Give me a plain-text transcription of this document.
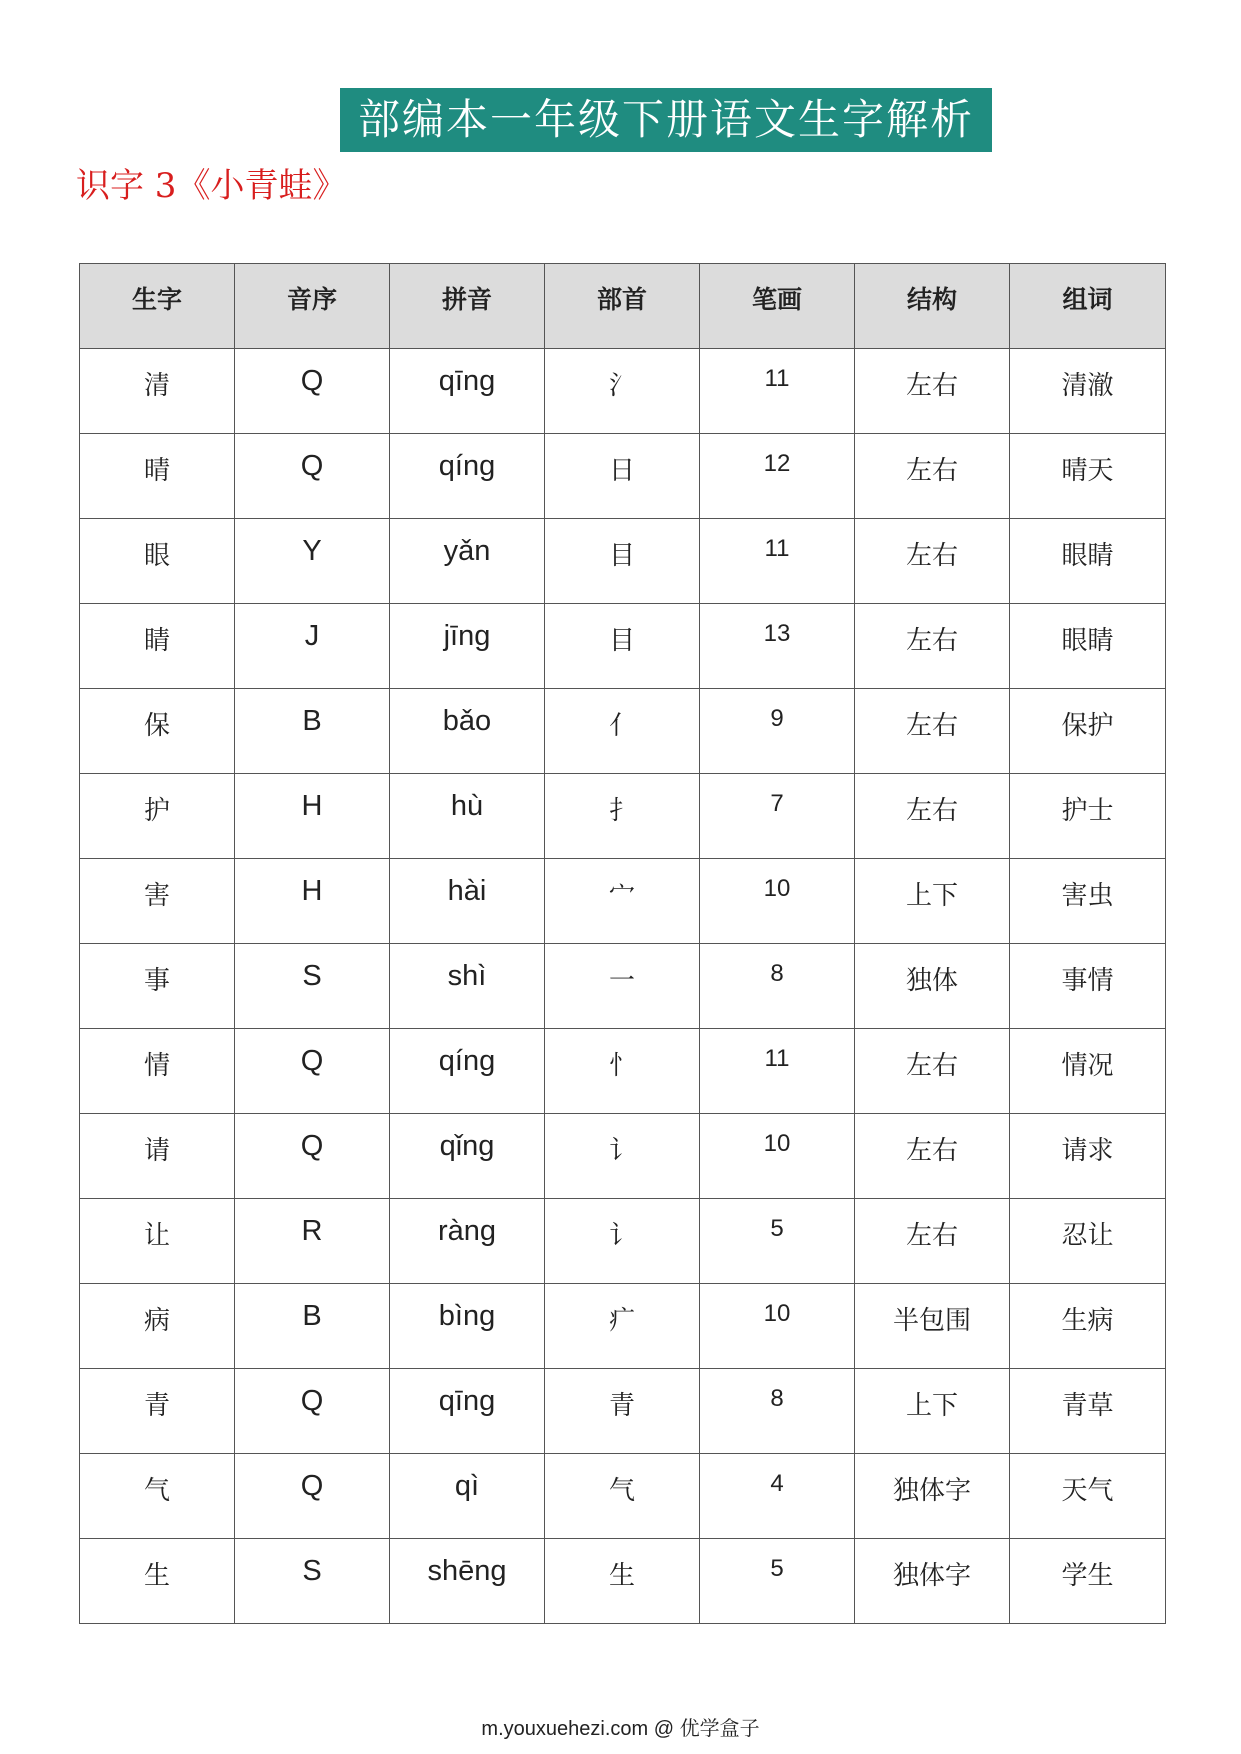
部编本一年级下册语文生字解析
识字 3《小青蛙》
生字	音序	拼音	部首	笔画	结构	组词
清	Q	qīng	氵	11	左右	清澈
晴	Q	qíng	日	12	左右	晴天
眼	Y	yǎn	目	11	左右	眼睛
睛	J	jīng	目	13	左右	眼睛
保	B	bǎo	亻	9	左右	保护
护	H	hù	扌	7	左右	护士
害	H	hài	宀	10	上下	害虫
事	S	shì	一	8	独体	事情
情	Q	qíng	忄	11	左右	情况
请	Q	qǐng	讠	10	左右	请求
让	R	ràng	讠	5	左右	忍让
病	B	bìng	疒	10	半包围	生病
青	Q	qīng	青	8	上下	青草
气	Q	qì	气	4	独体字	天气
生	S	shēng	生	5	独体字	学生
m.youxuehezi.com @ 优学盒子
